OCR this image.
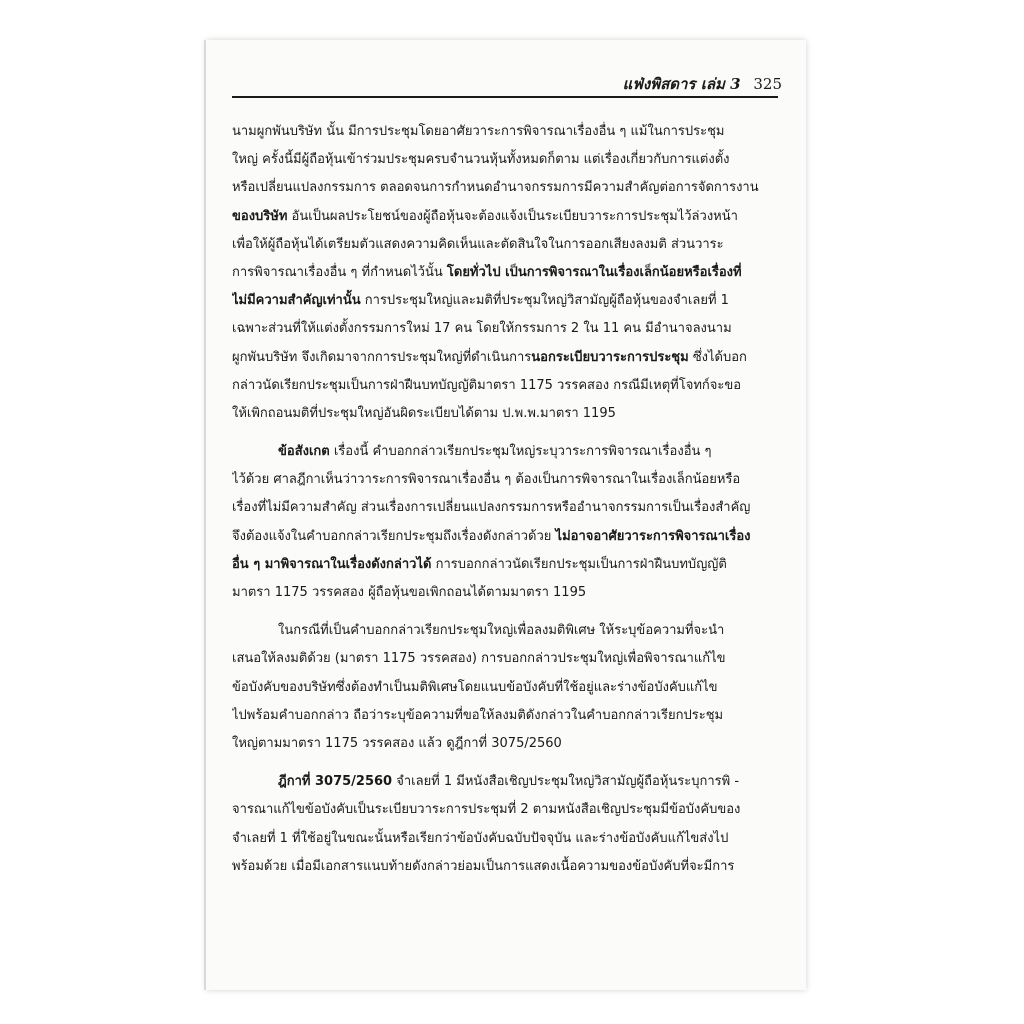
แฟ่งพิสดาร เล่ม 3 325
นามผูกพันบริษัท นั้น มีการประชุมโดยอาศัยวาระการพิจารณาเรื่องอื่น ๆ แม้ในการประชุม
ใหญ่ ครั้งนี้มีผู้ถือหุ้นเข้าร่วมประชุมครบจำนวนหุ้นทั้งหมดก็ตาม แต่เรื่องเกี่ยวกับการแต่งตั้ง
หรือเปลี่ยนแปลงกรรมการ ตลอดจนการกำหนดอำนาจกรรมการมีความสำคัญต่อการจัดการงาน
ของบริษัท อันเป็นผลประโยชน์ของผู้ถือหุ้นจะต้องแจ้งเป็นระเบียบวาระการประชุมไว้ล่วงหน้า
เพื่อให้ผู้ถือหุ้นได้เตรียมตัวแสดงความคิดเห็นและตัดสินใจในการออกเสียงลงมติ ส่วนวาระ
การพิจารณาเรื่องอื่น ๆ ที่กำหนดไว้นั้น โดยทั่วไป เป็นการพิจารณาในเรื่องเล็กน้อยหรือเรื่องที่
ไม่มีความสำคัญเท่านั้น การประชุมใหญ่และมติที่ประชุมใหญ่วิสามัญผู้ถือหุ้นของจำเลยที่ 1
เฉพาะส่วนที่ให้แต่งตั้งกรรมการใหม่ 17 คน โดยให้กรรมการ 2 ใน 11 คน มีอำนาจลงนาม
ผูกพันบริษัท จึงเกิดมาจากการประชุมใหญ่ที่ดำเนินการนอกระเบียบวาระการประชุม ซึ่งได้บอก
กล่าวนัดเรียกประชุมเป็นการฝ่าฝืนบทบัญญัติมาตรา 1175 วรรคสอง กรณีมีเหตุที่โจทก์จะขอ
ให้เพิกถอนมติที่ประชุมใหญ่อันผิดระเบียบได้ตาม ป.พ.พ.มาตรา 1195
ข้อสังเกต เรื่องนี้ คำบอกกล่าวเรียกประชุมใหญ่ระบุวาระการพิจารณาเรื่องอื่น ๆ
ไว้ด้วย ศาลฎีกาเห็นว่าวาระการพิจารณาเรื่องอื่น ๆ ต้องเป็นการพิจารณาในเรื่องเล็กน้อยหรือ
เรื่องที่ไม่มีความสำคัญ ส่วนเรื่องการเปลี่ยนแปลงกรรมการหรืออำนาจกรรมการเป็นเรื่องสำคัญ
จึงต้องแจ้งในคำบอกกล่าวเรียกประชุมถึงเรื่องดังกล่าวด้วย ไม่อาจอาศัยวาระการพิจารณาเรื่อง
อื่น ๆ มาพิจารณาในเรื่องดังกล่าวได้ การบอกกล่าวนัดเรียกประชุมเป็นการฝ่าฝืนบทบัญญัติ
มาตรา 1175 วรรคสอง ผู้ถือหุ้นขอเพิกถอนได้ตามมาตรา 1195
ในกรณีที่เป็นคำบอกกล่าวเรียกประชุมใหญ่เพื่อลงมติพิเศษ ให้ระบุข้อความที่จะนำ
เสนอให้ลงมติด้วย (มาตรา 1175 วรรคสอง) การบอกกล่าวประชุมใหญ่เพื่อพิจารณาแก้ไข
ข้อบังคับของบริษัทซึ่งต้องทำเป็นมติพิเศษโดยแนบข้อบังคับที่ใช้อยู่และร่างข้อบังคับแก้ไข
ไปพร้อมคำบอกกล่าว ถือว่าระบุข้อความที่ขอให้ลงมติดังกล่าวในคำบอกกล่าวเรียกประชุม
ใหญ่ตามมาตรา 1175 วรรคสอง แล้ว ดูฎีกาที่ 3075/2560
ฎีกาที่ 3075/2560 จำเลยที่ 1 มีหนังสือเชิญประชุมใหญ่วิสามัญผู้ถือหุ้นระบุการพิ -
จารณาแก้ไขข้อบังคับเป็นระเบียบวาระการประชุมที่ 2 ตามหนังสือเชิญประชุมมีข้อบังคับของ
จำเลยที่ 1 ที่ใช้อยู่ในขณะนั้นหรือเรียกว่าข้อบังคับฉบับปัจจุบัน และร่างข้อบังคับแก้ไขส่งไป
พร้อมด้วย เมื่อมีเอกสารแนบท้ายดังกล่าวย่อมเป็นการแสดงเนื้อความของข้อบังคับที่จะมีการ
